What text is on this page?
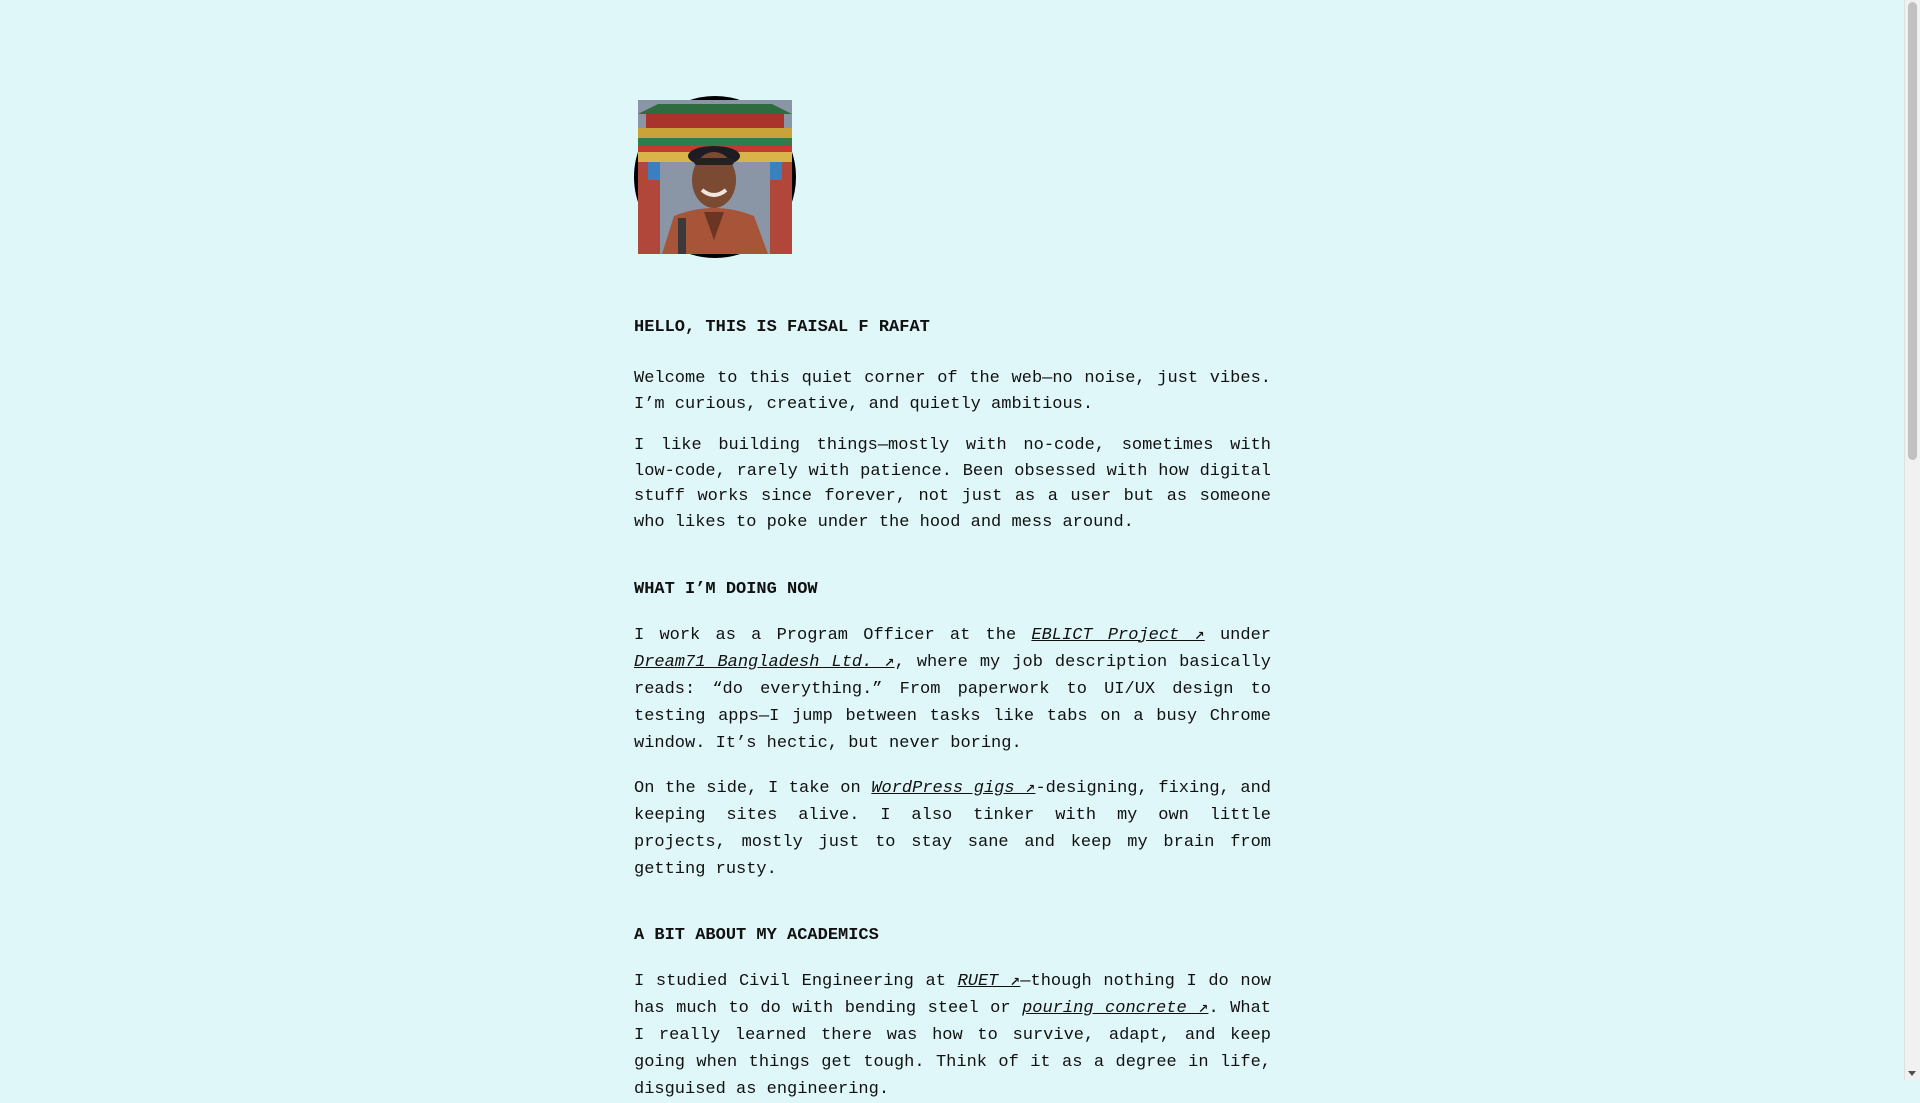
HELLO, THIS IS FAISAL F RAFAT

Welcome to this quiet corner of the web—no noise, just vibes. I’m curious, creative, and quietly ambitious.

I like building things—mostly with no-code, sometimes with low-code, rarely with patience. Been obsessed with how digital stuff works since forever, not just as a user but as someone who likes to poke under the hood and mess around.

WHAT I’M DOING NOW

I work as a Program Officer at the EBLICT Project ↗ under Dream71 Bangladesh Ltd. ↗, where my job description basically reads: “do everything.” From paperwork to UI/UX design to testing apps—I jump between tasks like tabs on a busy Chrome window. It’s hectic, but never boring.

On the side, I take on WordPress gigs ↗-designing, fixing, and keeping sites alive. I also tinker with my own little projects, mostly just to stay sane and keep my brain from getting rusty.

A BIT ABOUT MY ACADEMICS

I studied Civil Engineering at RUET ↗—though nothing I do now has much to do with bending steel or pouring concrete ↗. What I really learned there was how to survive, adapt, and keep going when things get tough. Think of it as a degree in life, disguised as engineering.
